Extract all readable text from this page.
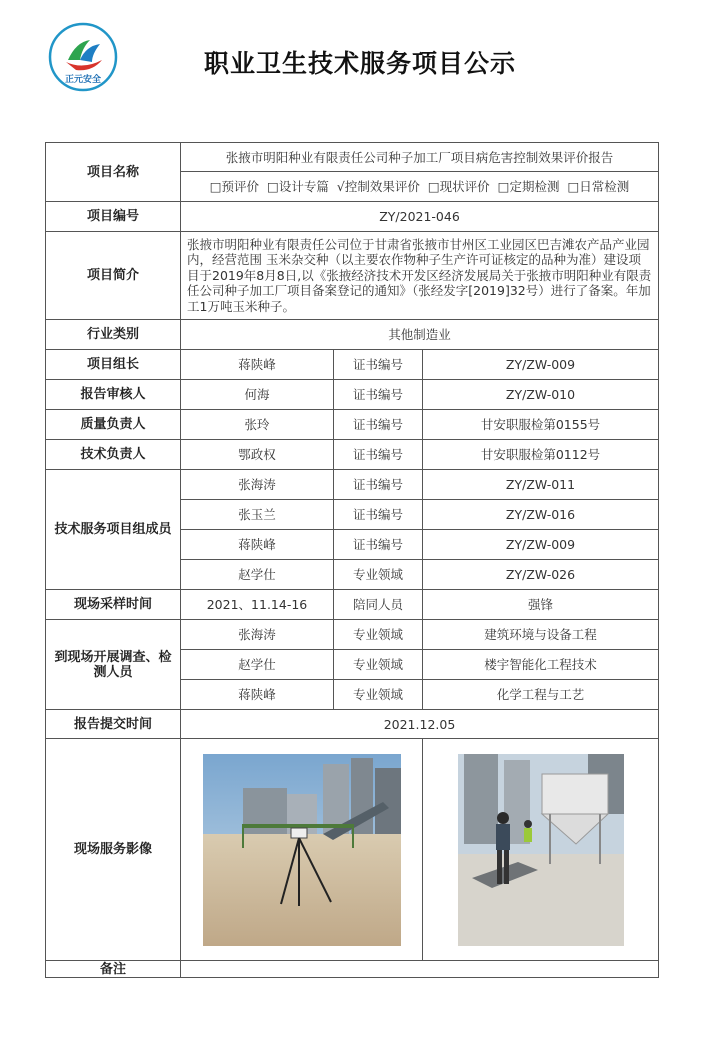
正元安全
职业卫生技术服务项目公示
项目名称	张掖市明阳种业有限责任公司种子加工厂项目病危害控制效果评价报告		
	□预评价 □设计专篇 √控制效果评价 □现状评价 □定期检测 □日常检测		
项目编号	ZY/2021-046		
项目简介	张掖市明阳种业有限责任公司位于甘肃省张掖市甘州区工业园区巴吉滩农产品产业园内，经营范围 玉米杂交种（以主要农作物种子生产许可证核定的品种为准）建设项目于2019年8月8日,以《张掖经济技术开发区经济发展局关于张掖市明阳种业有限责任公司种子加工厂项目备案登记的通知》（张经发字[2019]32号）进行了备案。年加工1万吨玉米种子。		
行业类别	其他制造业		
项目组长	蒋陕峰	证书编号	ZY/ZW-009
报告审核人	何海	证书编号	ZY/ZW-010
质量负责人	张玲	证书编号	甘安职服检第0155号
技术负责人	鄂政权	证书编号	甘安职服检第0112号
技术服务项目组成员	张海涛	证书编号	ZY/ZW-011
	张玉兰	证书编号	ZY/ZW-016
	蒋陕峰	证书编号	ZY/ZW-009
	赵学仕	专业领域	ZY/ZW-026
现场采样时间	2021、11.14-16	陪同人员	强锋
到现场开展调查、检测人员	张海涛	专业领域	建筑环境与设备工程
	赵学仕	专业领域	楼宇智能化工程技术
	蒋陕峰	专业领域	化学工程与工艺
报告提交时间	2021.12.05		
现场服务影像		
备注			
